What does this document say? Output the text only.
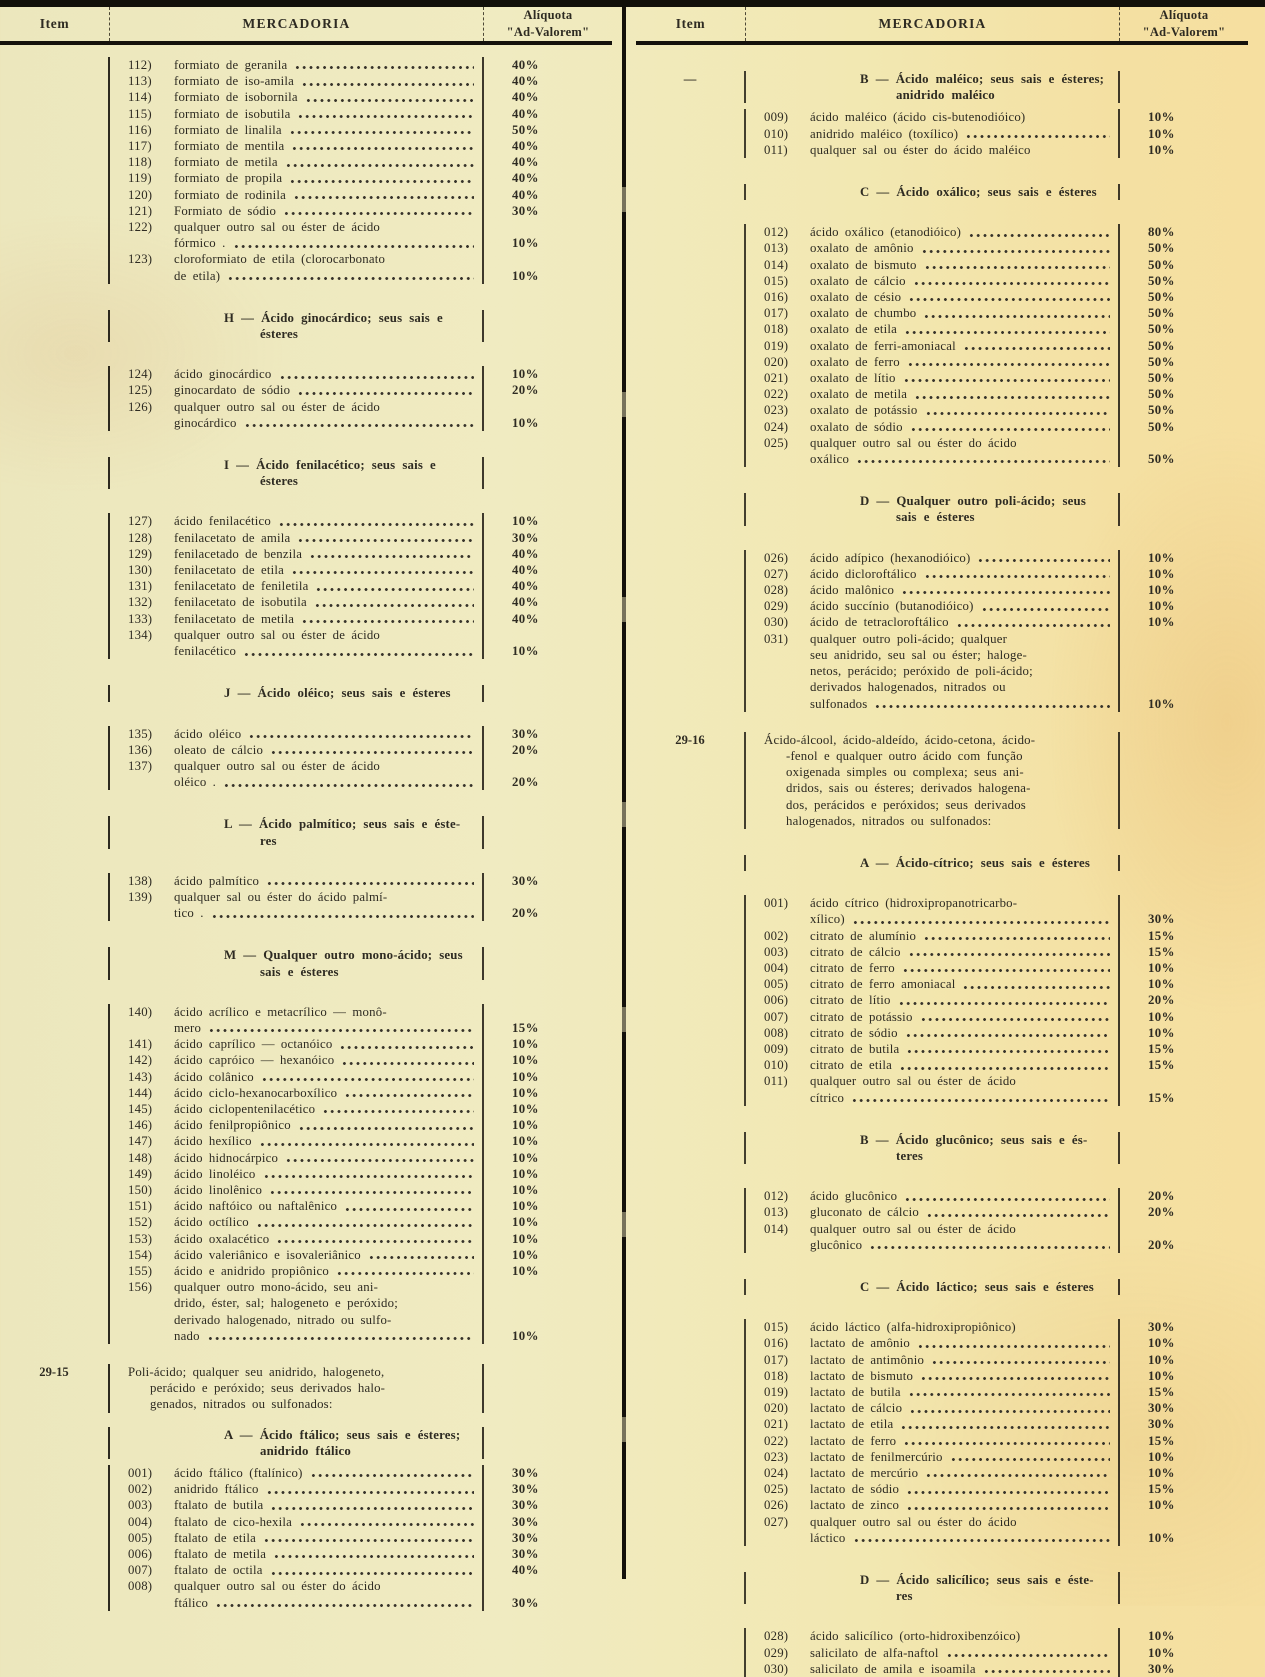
Item	MERCADORIA
Alíquota
"Ad-Valorem"
112)	formiato de geranila	40%
113)	formiato de iso-amila	40%
114)	formiato de isobornila	40%
115)	formiato de isobutila	40%
116)	formiato de linalila	50%
117)	formiato de mentila	40%
118)	formiato de metila	40%
119)	formiato de propila	40%
120)	formiato de rodinila	40%
121)	Formiato de sódio	30%
122)	qualquer outro sal ou éster de ácido
fórmico .	10%
123)	cloroformiato de etila (clorocarbonato
de etila)	10%
H — Ácido ginocárdico; seus sais e
ésteres
124)	ácido ginocárdico	10%
125)	ginocardato de sódio	20%
126)	qualquer outro sal ou éster de ácido
ginocárdico	10%
I — Ácido fenilacético; seus sais e
ésteres
127)	ácido fenilacético	10%
128)	fenilacetato de amila	30%
129)	fenilacetado de benzila	40%
130)	fenilacetato de etila	40%
131)	fenilacetato de feniletila	40%
132)	fenilacetato de isobutila	40%
133)	fenilacetato de metila	40%
134)	qualquer outro sal ou éster de ácido
fenilacético	10%
J — Ácido oléico; seus sais e ésteres
135)	ácido oléico	30%
136)	oleato de cálcio	20%
137)	qualquer outro sal ou éster de ácido
oléico .	20%
L — Ácido palmítico; seus sais e éste-
res
138)	ácido palmítico	30%
139)	qualquer sal ou éster do ácido palmí-
tico .	20%
M — Qualquer outro mono-ácido; seus
sais e ésteres
140)	ácido acrílico e metacrílico — monô-
mero	15%
141)	ácido caprílico — octanóico	10%
142)	ácido capróico — hexanóico	10%
143)	ácido colânico	10%
144)	ácido ciclo-hexanocarboxílico	10%
145)	ácido ciclopentenilacético	10%
146)	ácido fenilpropiônico	10%
147)	ácido hexílico	10%
148)	ácido hidnocárpico	10%
149)	ácido linoléico	10%
150)	ácido linolênico	10%
151)	ácido naftóico ou naftalênico	10%
152)	ácido octílico	10%
153)	ácido oxalacético	10%
154)	ácido valeriânico e isovaleriânico	10%
155)	ácido e anidrido propiônico	10%
156)	qualquer outro mono-ácido, seu ani-
drido, éster, sal; halogeneto e peróxido;
derivado halogenado, nitrado ou sulfo-
nado	10%
29-15	Poli-ácido; qualquer seu anidrido, halogeneto,
perácido e peróxido; seus derivados halo-
genados, nitrados ou sulfonados:
A — Ácido ftálico; seus sais e ésteres;
anidrido ftálico
001)	ácido ftálico (ftalínico)	30%
002)	anidrido ftálico	30%
003)	ftalato de butila	30%
004)	ftalato de cico-hexila	30%
005)	ftalato de etila	30%
006)	ftalato de metila	30%
007)	ftalato de octila	40%
008)	qualquer outro sal ou éster do ácido
ftálico	30%
Item	MERCADORIA
Alíquota
"Ad-Valorem"
—	B — Ácido maléico; seus sais e ésteres;
anidrido maléico
009)	ácido maléico (ácido cis-butenodióico)	10%
010)	anidrido maléico (toxílico)	10%
011)	qualquer sal ou éster do ácido maléico	10%
C — Ácido oxálico; seus sais e ésteres
012)	ácido oxálico (etanodióico)	80%
013)	oxalato de amônio	50%
014)	oxalato de bismuto	50%
015)	oxalato de cálcio	50%
016)	oxalato de césio	50%
017)	oxalato de chumbo	50%
018)	oxalato de etila	50%
019)	oxalato de ferri-amoniacal	50%
020)	oxalato de ferro	50%
021)	oxalato de lítio	50%
022)	oxalato de metila	50%
023)	oxalato de potássio	50%
024)	oxalato de sódio	50%
025)	qualquer outro sal ou éster do ácido
oxálico	50%
D — Qualquer outro poli-ácido; seus
sais e ésteres
026)	ácido adípico (hexanodióico)	10%
027)	ácido dicloroftálico	10%
028)	ácido malônico	10%
029)	ácido succínio (butanodióico)	10%
030)	ácido de tetracloroftálico	10%
031)	qualquer outro poli-ácido; qualquer
seu anidrido, seu sal ou éster; haloge-
netos, perácido; peróxido de poli-ácido;
derivados halogenados, nitrados ou
sulfonados	10%
29-16	Ácido-álcool, ácido-aldeído, ácido-cetona, ácido-
-fenol e qualquer outro ácido com função
oxigenada simples ou complexa; seus ani-
dridos, sais ou ésteres; derivados halogena-
dos, perácidos e peróxidos; seus derivados
halogenados, nitrados ou sulfonados:
A — Ácido-cítrico; seus sais e ésteres
001)	ácido cítrico (hidroxipropanotricarbo-
xílico)	30%
002)	citrato de alumínio	15%
003)	citrato de cálcio	15%
004)	citrato de ferro	10%
005)	citrato de ferro amoniacal	10%
006)	citrato de lítio	20%
007)	citrato de potássio	10%
008)	citrato de sódio	10%
009)	citrato de butila	15%
010)	citrato de etila	15%
011)	qualquer outro sal ou éster de ácido
cítrico	15%
B — Ácido glucônico; seus sais e és-
teres
012)	ácido glucônico	20%
013)	gluconato de cálcio	20%
014)	qualquer outro sal ou éster de ácido
glucônico	20%
C — Ácido láctico; seus sais e ésteres
015)	ácido láctico (alfa-hidroxipropiônico)	30%
016)	lactato de amônio	10%
017)	lactato de antimônio	10%
018)	lactato de bismuto	10%
019)	lactato de butila	15%
020)	lactato de cálcio	30%
021)	lactato de etila	30%
022)	lactato de ferro	15%
023)	lactato de fenilmercúrio	10%
024)	lactato de mercúrio	10%
025)	lactato de sódio	15%
026)	lactato de zinco	10%
027)	qualquer outro sal ou éster do ácido
láctico	10%
D — Ácido salicílico; seus sais e éste-
res
028)	ácido salicílico (orto-hidroxibenzóico)	10%
029)	salicilato de alfa-naftol	10%
030)	salicilato de amila e isoamila	30%
